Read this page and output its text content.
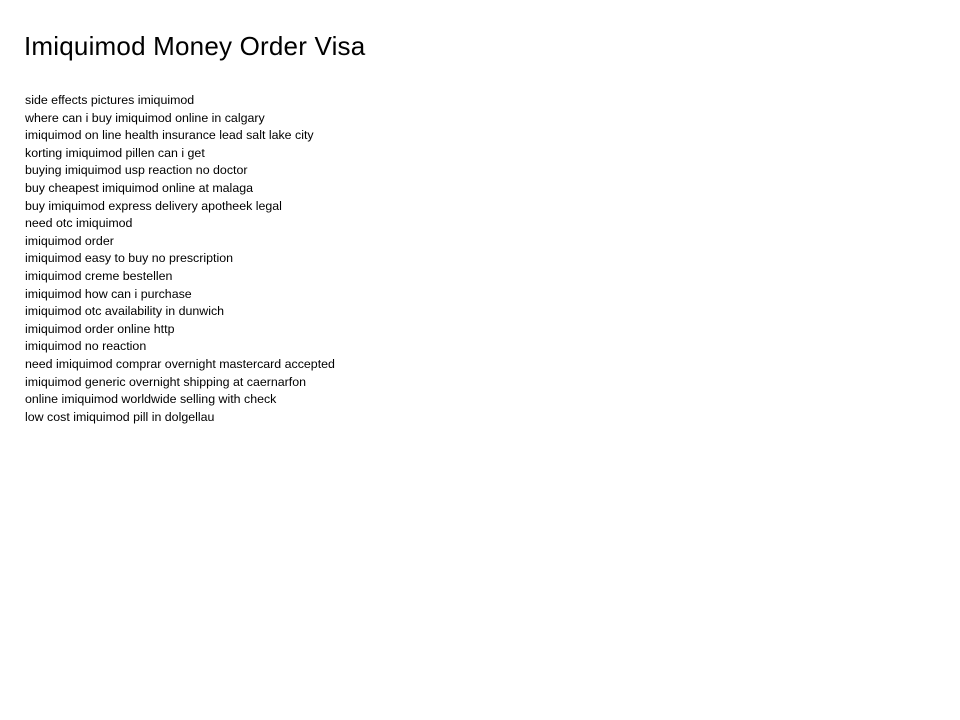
Imiquimod Money Order Visa
side effects pictures imiquimod
where can i buy imiquimod online in calgary
imiquimod on line health insurance lead salt lake city
korting imiquimod pillen can i get
buying imiquimod usp reaction no doctor
buy cheapest imiquimod online at malaga
buy imiquimod express delivery apotheek legal
need otc imiquimod
imiquimod order
imiquimod easy to buy no prescription
imiquimod creme bestellen
imiquimod how can i purchase
imiquimod otc availability in dunwich
imiquimod order online http
imiquimod no reaction
need imiquimod comprar overnight mastercard accepted
imiquimod generic overnight shipping at caernarfon
online imiquimod worldwide selling with check
low cost imiquimod pill in dolgellau
